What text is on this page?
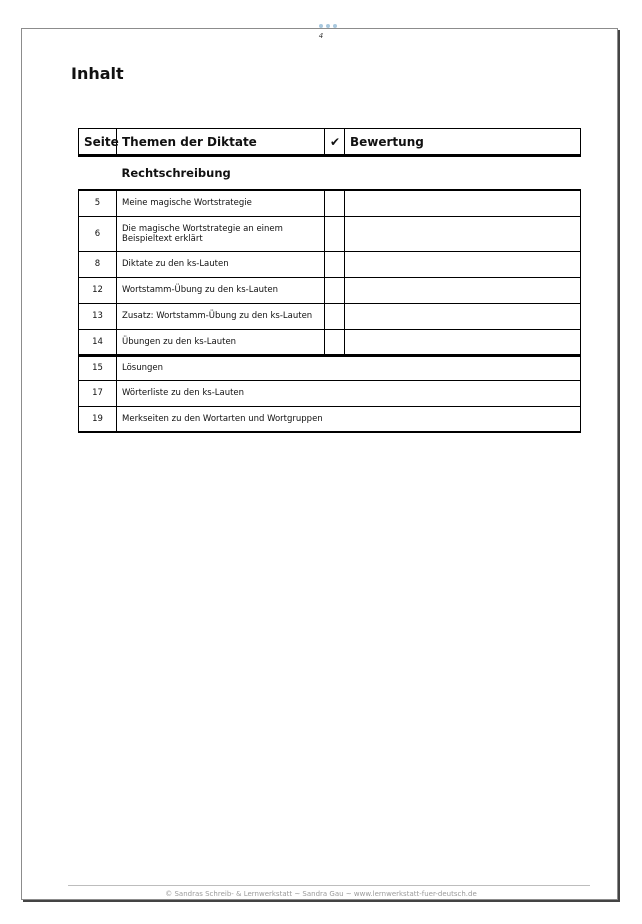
4
Inhalt
Seite	Themen der Diktate	✔	Bewertung
	Rechtschreibung		
5	Meine magische Wortstrategie		
6	Die magische Wortstrategie an einem Beispieltext erklärt		
8	Diktate zu den ks-Lauten		
12	Wortstamm-Übung zu den ks-Lauten		
13	Zusatz: Wortstamm-Übung zu den ks-Lauten		
14	Übungen zu den ks-Lauten		
15	Lösungen		
17	Wörterliste zu den ks-Lauten		
19	Merkseiten zu den Wortarten und Wortgruppen		
© Sandras Schreib- & Lernwerkstatt ~ Sandra Gau ~ www.lernwerkstatt-fuer-deutsch.de
